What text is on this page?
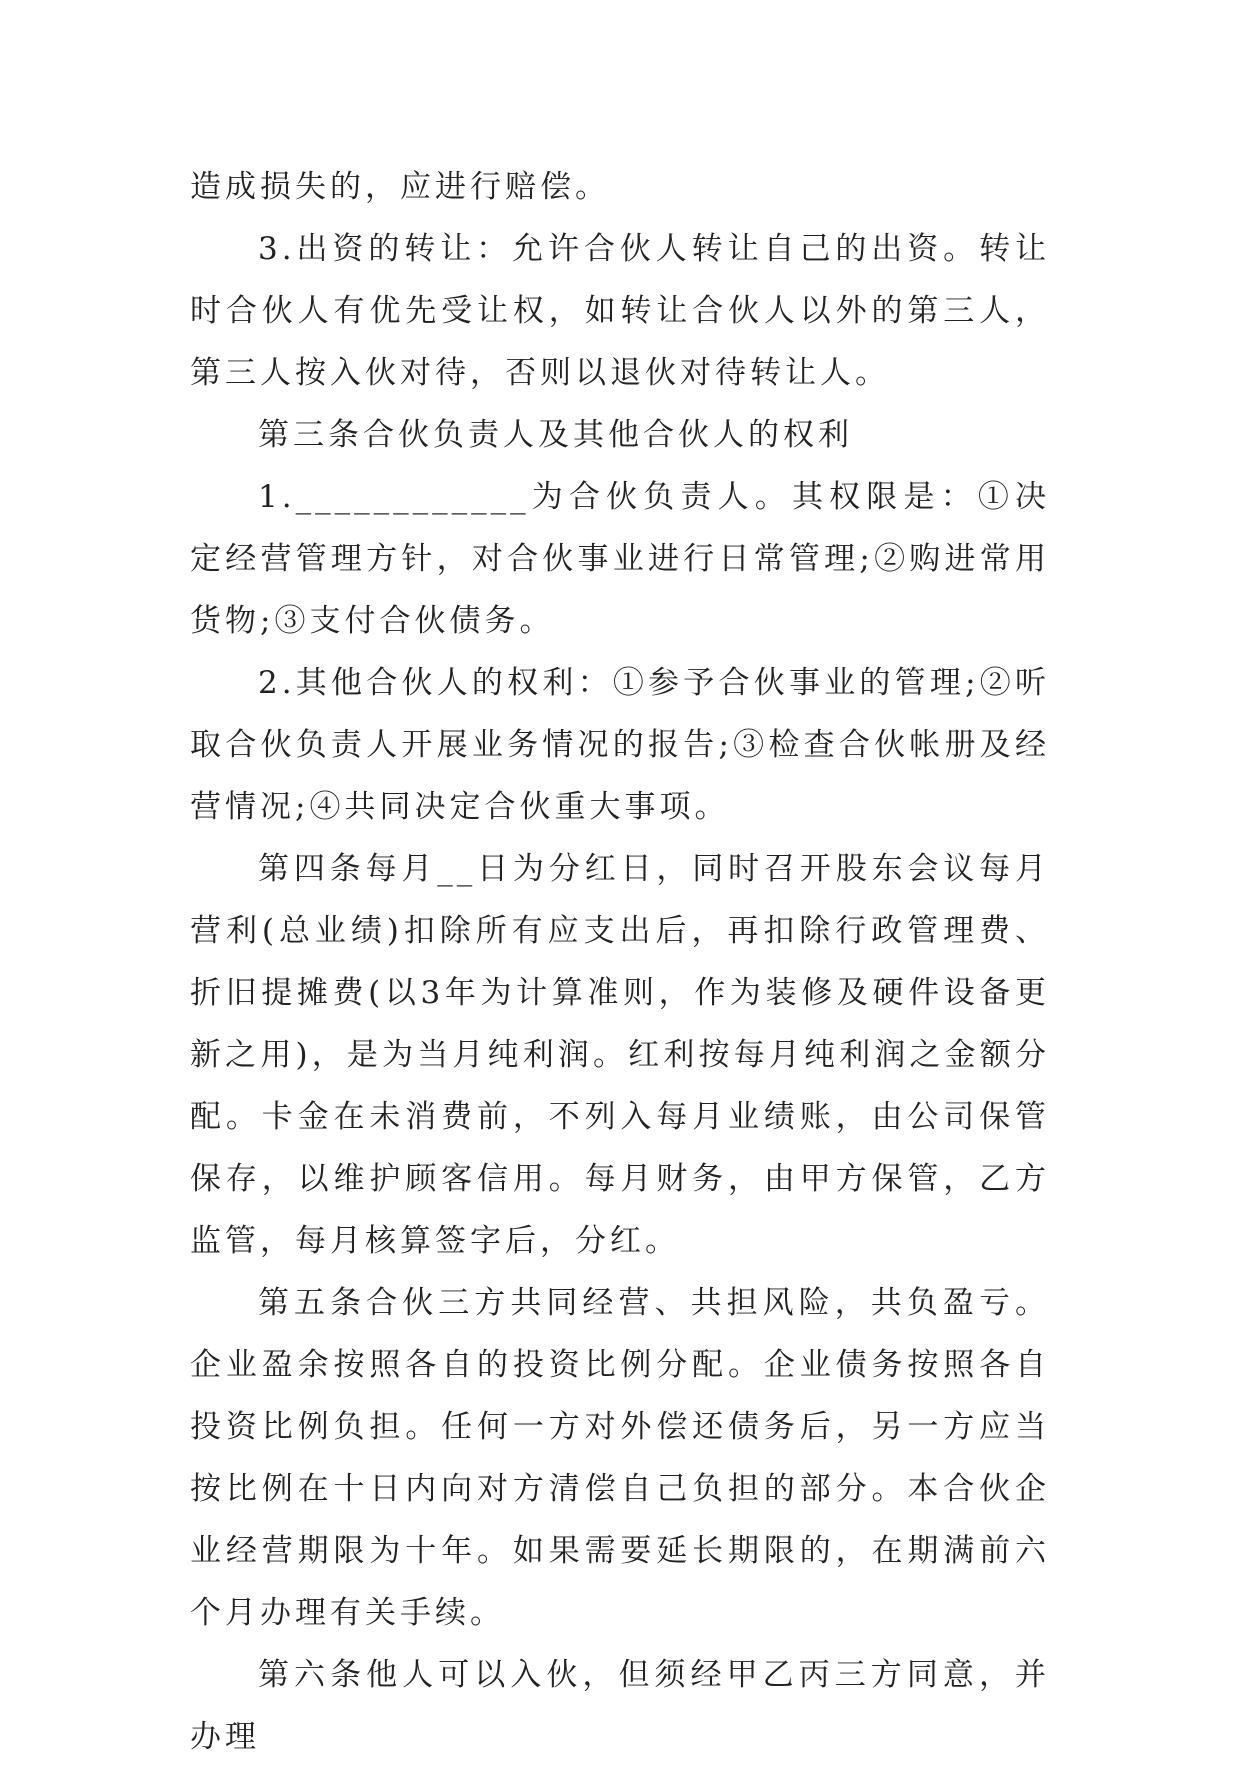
造成损失的，应进行赔偿。

3.出资的转让：允许合伙人转让自己的出资。转让时合伙人有优先受让权，如转让合伙人以外的第三人，第三人按入伙对待，否则以退伙对待转让人。

第三条合伙负责人及其他合伙人的权利

1.____________为合伙负责人。其权限是：①决定经营管理方针，对合伙事业进行日常管理;②购进常用货物;③支付合伙债务。

2.其他合伙人的权利：①参予合伙事业的管理;②听取合伙负责人开展业务情况的报告;③检查合伙帐册及经营情况;④共同决定合伙重大事项。

第四条每月__日为分红日，同时召开股东会议每月营利(总业绩)扣除所有应支出后，再扣除行政管理费、折旧提摊费(以3年为计算准则，作为装修及硬件设备更新之用)，是为当月纯利润。红利按每月纯利润之金额分配。卡金在未消费前，不列入每月业绩账，由公司保管保存，以维护顾客信用。每月财务，由甲方保管，乙方监管，每月核算签字后，分红。

第五条合伙三方共同经营、共担风险，共负盈亏。企业盈余按照各自的投资比例分配。企业债务按照各自投资比例负担。任何一方对外偿还债务后，另一方应当按比例在十日内向对方清偿自己负担的部分。本合伙企业经营期限为十年。如果需要延长期限的，在期满前六个月办理有关手续。

第六条他人可以入伙，但须经甲乙丙三方同意，并办理
